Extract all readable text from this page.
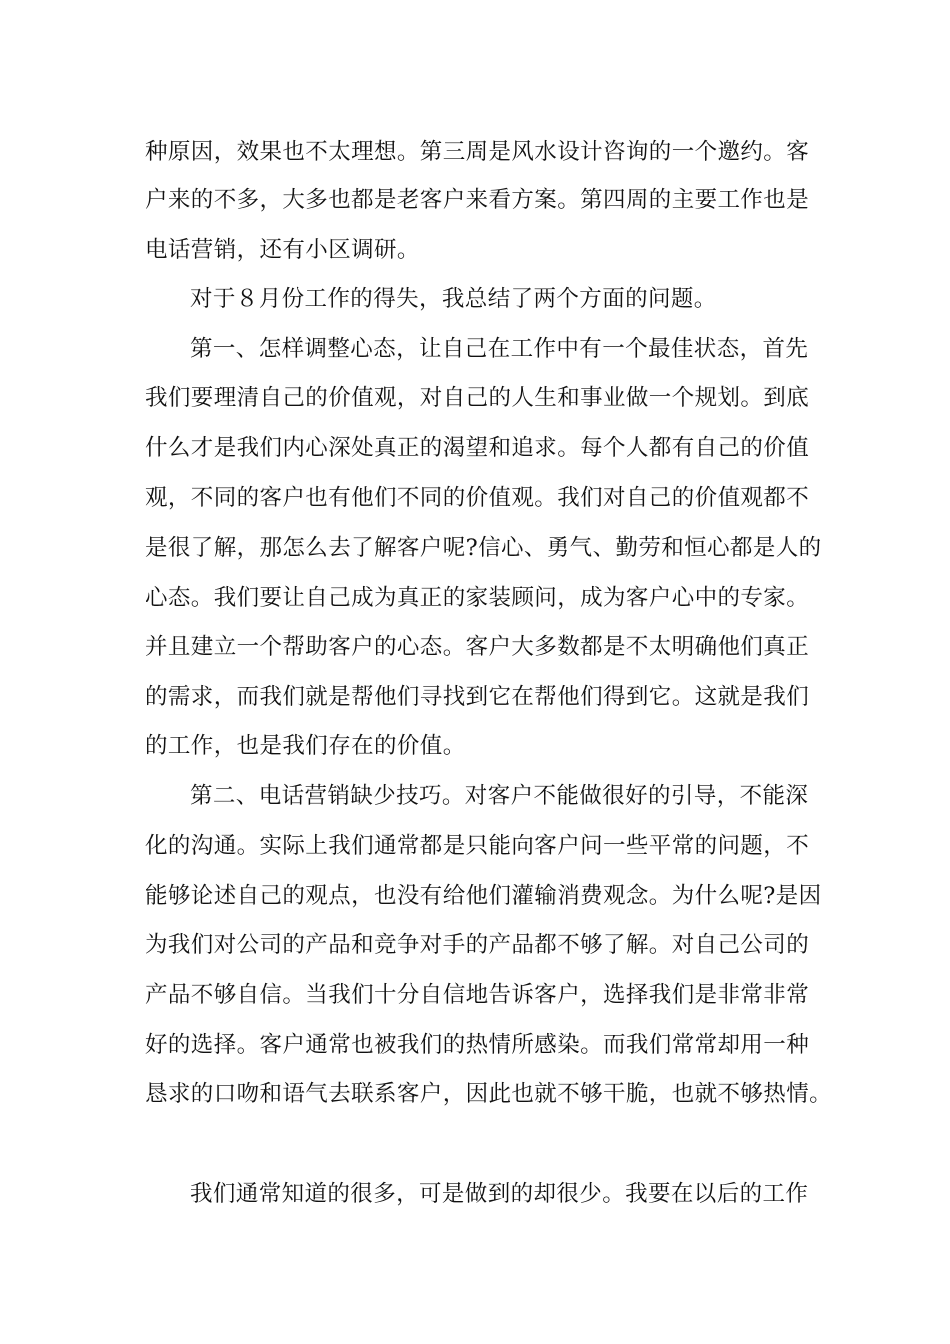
种原因，效果也不太理想。第三周是风水设计咨询的一个邀约。客
户来的不多，大多也都是老客户来看方案。第四周的主要工作也是
电话营销，还有小区调研。
对于８月份工作的得失，我总结了两个方面的问题。
第一、怎样调整心态，让自己在工作中有一个最佳状态，首先
我们要理清自己的价值观，对自己的人生和事业做一个规划。到底
什么才是我们内心深处真正的渴望和追求。每个人都有自己的价值
观，不同的客户也有他们不同的价值观。我们对自己的价值观都不
是很了解，那怎么去了解客户呢?信心、勇气、勤劳和恒心都是人的
心态。我们要让自己成为真正的家装顾问，成为客户心中的专家。
并且建立一个帮助客户的心态。客户大多数都是不太明确他们真正
的需求，而我们就是帮他们寻找到它在帮他们得到它。这就是我们
的工作，也是我们存在的价值。
第二、电话营销缺少技巧。对客户不能做很好的引导，不能深
化的沟通。实际上我们通常都是只能向客户问一些平常的问题，不
能够论述自己的观点，也没有给他们灌输消费观念。为什么呢?是因
为我们对公司的产品和竞争对手的产品都不够了解。对自己公司的
产品不够自信。当我们十分自信地告诉客户，选择我们是非常非常
好的选择。客户通常也被我们的热情所感染。而我们常常却用一种
恳求的口吻和语气去联系客户，因此也就不够干脆，也就不够热情。
我们通常知道的很多，可是做到的却很少。我要在以后的工作
